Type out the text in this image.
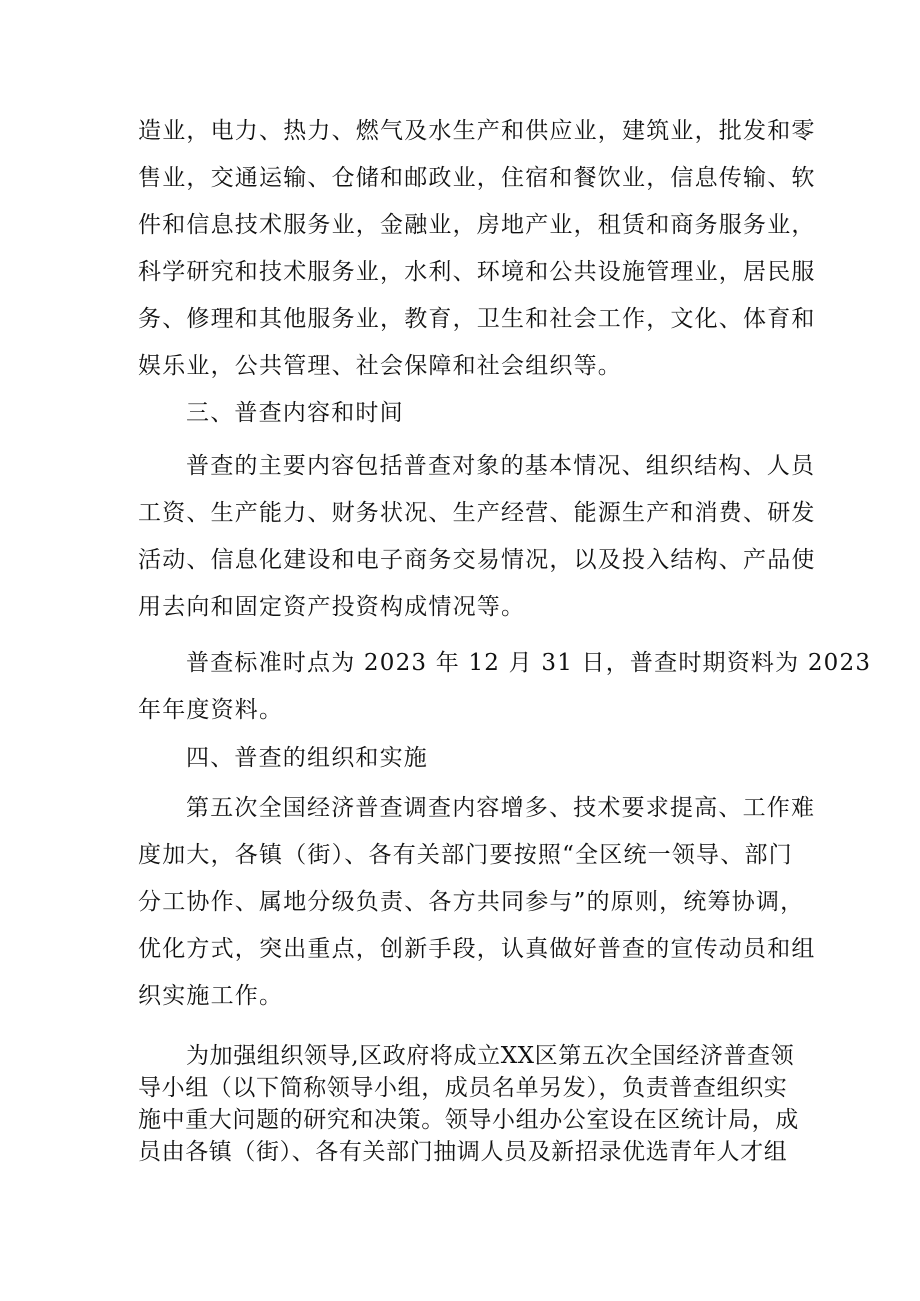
造业，电力、热力、燃气及水生产和供应业，建筑业，批发和零
售业，交通运输、仓储和邮政业，住宿和餐饮业，信息传输、软
件和信息技术服务业，金融业，房地产业，租赁和商务服务业，
科学研究和技术服务业，水利、环境和公共设施管理业，居民服
务、修理和其他服务业，教育，卫生和社会工作，文化、体育和
娱乐业，公共管理、社会保障和社会组织等。
三、普查内容和时间
普查的主要内容包括普查对象的基本情况、组织结构、人员
工资、生产能力、财务状况、生产经营、能源生产和消费、研发
活动、信息化建设和电子商务交易情况，以及投入结构、产品使
用去向和固定资产投资构成情况等。
普查标准时点为 2023 年 12 月 31 日，普查时期资料为 2023
年年度资料。
四、普查的组织和实施
第五次全国经济普查调查内容增多、技术要求提高、工作难
度加大，各镇（街）、各有关部门要按照“全区统一领导、部门
分工协作、属地分级负责、各方共同参与”的原则，统筹协调，
优化方式，突出重点，创新手段，认真做好普查的宣传动员和组
织实施工作。
为加强组织领导,区政府将成立XX区第五次全国经济普查领
导小组（以下简称领导小组，成员名单另发），负责普查组织实
施中重大问题的研究和决策。领导小组办公室设在区统计局，成
员由各镇（街）、各有关部门抽调人员及新招录优选青年人才组
